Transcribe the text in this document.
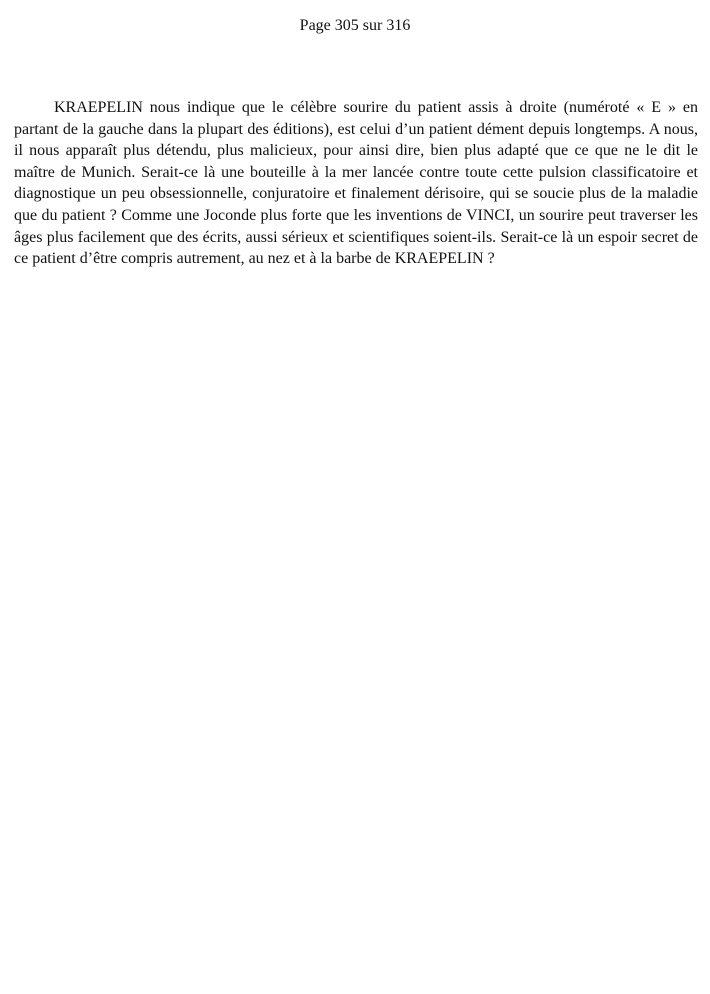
Page 305 sur 316

KRAEPELIN nous indique que le célèbre sourire du patient assis à droite (numéroté « E » en partant de la gauche dans la plupart des éditions), est celui d’un patient dément depuis longtemps. A nous, il nous apparaît plus détendu, plus malicieux, pour ainsi dire, bien plus adapté que ce que ne le dit le maître de Munich. Serait-ce là une bouteille à la mer lancée contre toute cette pulsion classificatoire et diagnostique un peu obsessionnelle, conjuratoire et finalement dérisoire, qui se soucie plus de la maladie que du patient ? Comme une Joconde plus forte que les inventions de VINCI, un sourire peut traverser les âges plus facilement que des écrits, aussi sérieux et scientifiques soient-ils. Serait-ce là un espoir secret de ce patient d’être compris autrement, au nez et à la barbe de KRAEPELIN ?
